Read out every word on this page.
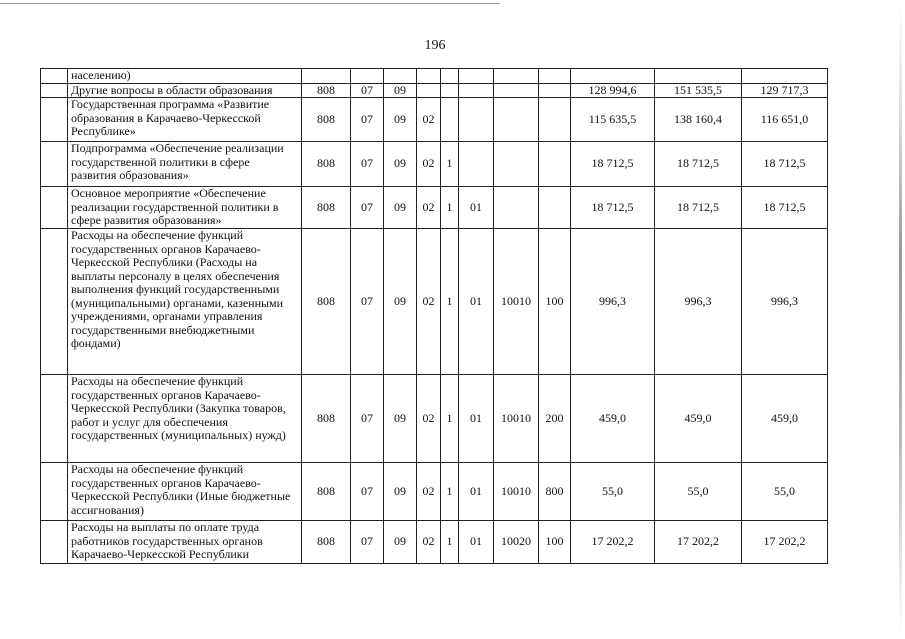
196
	населению)											
	Другие вопросы в области образования	808	07	09						128 994,6	151 535,5	129 717,3
	Государственная программа «Развитие образования в Карачаево-Черкесской Республике»	808	07	09	02					115 635,5	138 160,4	116 651,0
	Подпрограмма «Обеспечение реализации государственной политики в сфере развития образования»	808	07	09	02	1				18 712,5	18 712,5	18 712,5
	Основное мероприятие «Обеспечение реализации государственной политики в сфере развития образования»	808	07	09	02	1	01			18 712,5	18 712,5	18 712,5
	Расходы на обеспечение функций государственных органов Карачаево-Черкесской Республики (Расходы на выплаты персоналу в целях обеспечения выполнения функций государственными (муниципальными) органами, казенными учреждениями, органами управления государственными внебюджетными фондами)	808	07	09	02	1	01	10010	100	996,3	996,3	996,3
	Расходы на обеспечение функций государственных органов Карачаево-Черкесской Республики (Закупка товаров, работ и услуг для обеспечения государственных (муниципальных) нужд)	808	07	09	02	1	01	10010	200	459,0	459,0	459,0
	Расходы на обеспечение функций государственных органов Карачаево-Черкесской Республики (Иные бюджетные ассигнования)	808	07	09	02	1	01	10010	800	55,0	55,0	55,0
	Расходы на выплаты по оплате труда работников государственных органов Карачаево-Черкесской Республики	808	07	09	02	1	01	10020	100	17 202,2	17 202,2	17 202,2
